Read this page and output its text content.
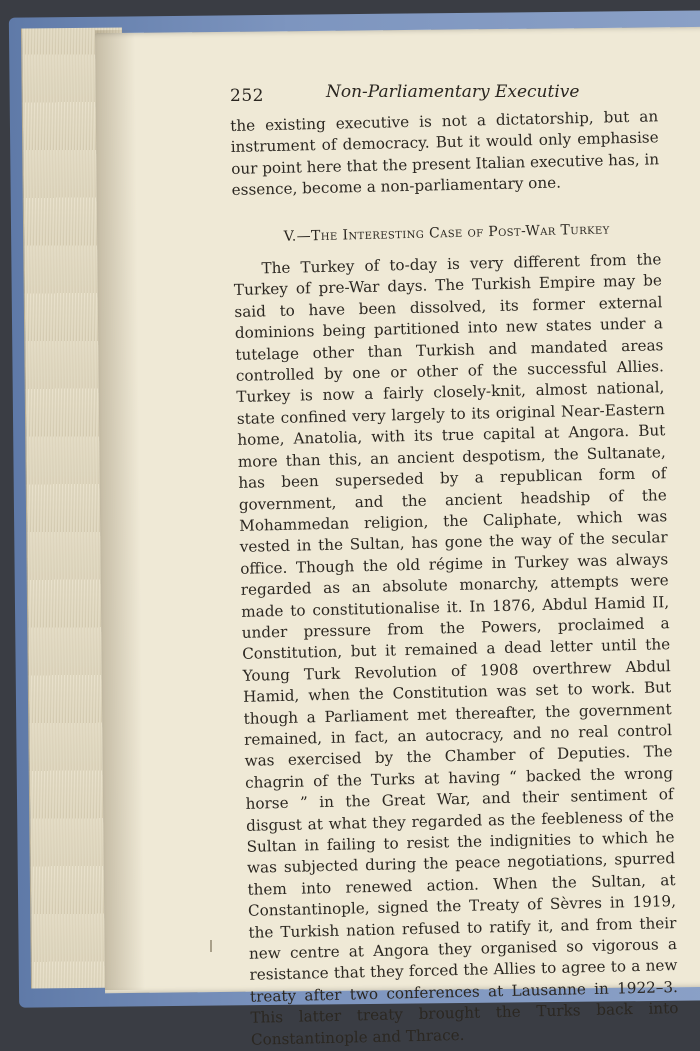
252	Non-Parliamentary Executive

the existing executive is not a dictatorship, but an instrument of democracy. But it would only emphasise our point here that the present Italian executive has, in essence, become a non-parliamentary one.

V.—The Interesting Case of Post-War Turkey

The Turkey of to-day is very different from the Turkey of pre-War days. The Turkish Empire may be said to have been dissolved, its former external dominions being partitioned into new states under a tutelage other than Turkish and mandated areas controlled by one or other of the successful Allies. Turkey is now a fairly closely-knit, almost national, state confined very largely to its original Near-Eastern home, Anatolia, with its true capital at Angora. But more than this, an ancient despotism, the Sultanate, has been superseded by a republican form of government, and the ancient headship of the Mohammedan religion, the Caliphate, which was vested in the Sultan, has gone the way of the secular office. Though the old régime in Turkey was always regarded as an absolute monarchy, attempts were made to constitutionalise it. In 1876, Abdul Hamid II, under pressure from the Powers, proclaimed a Constitution, but it remained a dead letter until the Young Turk Revolution of 1908 overthrew Abdul Hamid, when the Constitution was set to work. But though a Parliament met thereafter, the government remained, in fact, an autocracy, and no real control was exercised by the Chamber of Deputies. The chagrin of the Turks at having “ backed the wrong horse ” in the Great War, and their sentiment of disgust at what they regarded as the feebleness of the Sultan in failing to resist the indignities to which he was subjected during the peace negotiations, spurred them into renewed action. When the Sultan, at Constantinople, signed the Treaty of Sèvres in 1919, the Turkish nation refused to ratify it, and from their new centre at Angora they organised so vigorous a resistance that they forced the Allies to agree to a new treaty after two conferences at Lausanne in 1922–3. This latter treaty brought the Turks back into Constantinople and Thrace.
